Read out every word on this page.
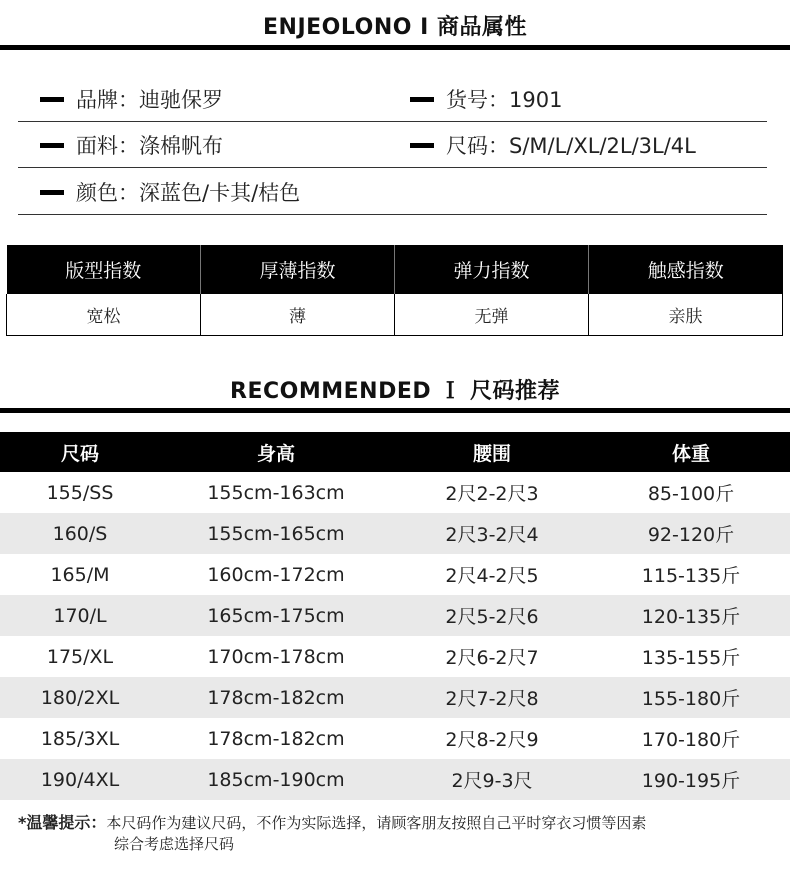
ENJEOLONO I 商品属性
品牌：迪驰保罗	货号：1901
面料：涤棉帆布	尺码：S/M/L/XL/2L/3L/4L
颜色：深蓝色/卡其/桔色
版型指数	厚薄指数	弹力指数	触感指数
宽松	薄	无弹	亲肤
RECOMMENDED Ｉ 尺码推荐
尺码	身高	腰围	体重
155/SS	155cm-163cm	2尺2-2尺3	85-100斤
160/S	155cm-165cm	2尺3-2尺4	92-120斤
165/M	160cm-172cm	2尺4-2尺5	115-135斤
170/L	165cm-175cm	2尺5-2尺6	120-135斤
175/XL	170cm-178cm	2尺6-2尺7	135-155斤
180/2XL	178cm-182cm	2尺7-2尺8	155-180斤
185/3XL	178cm-182cm	2尺8-2尺9	170-180斤
190/4XL	185cm-190cm	2尺9-3尺	190-195斤
*温馨提示：本尺码作为建议尺码，不作为实际选择，请顾客朋友按照自己平时穿衣习惯等因素
综合考虑选择尺码
